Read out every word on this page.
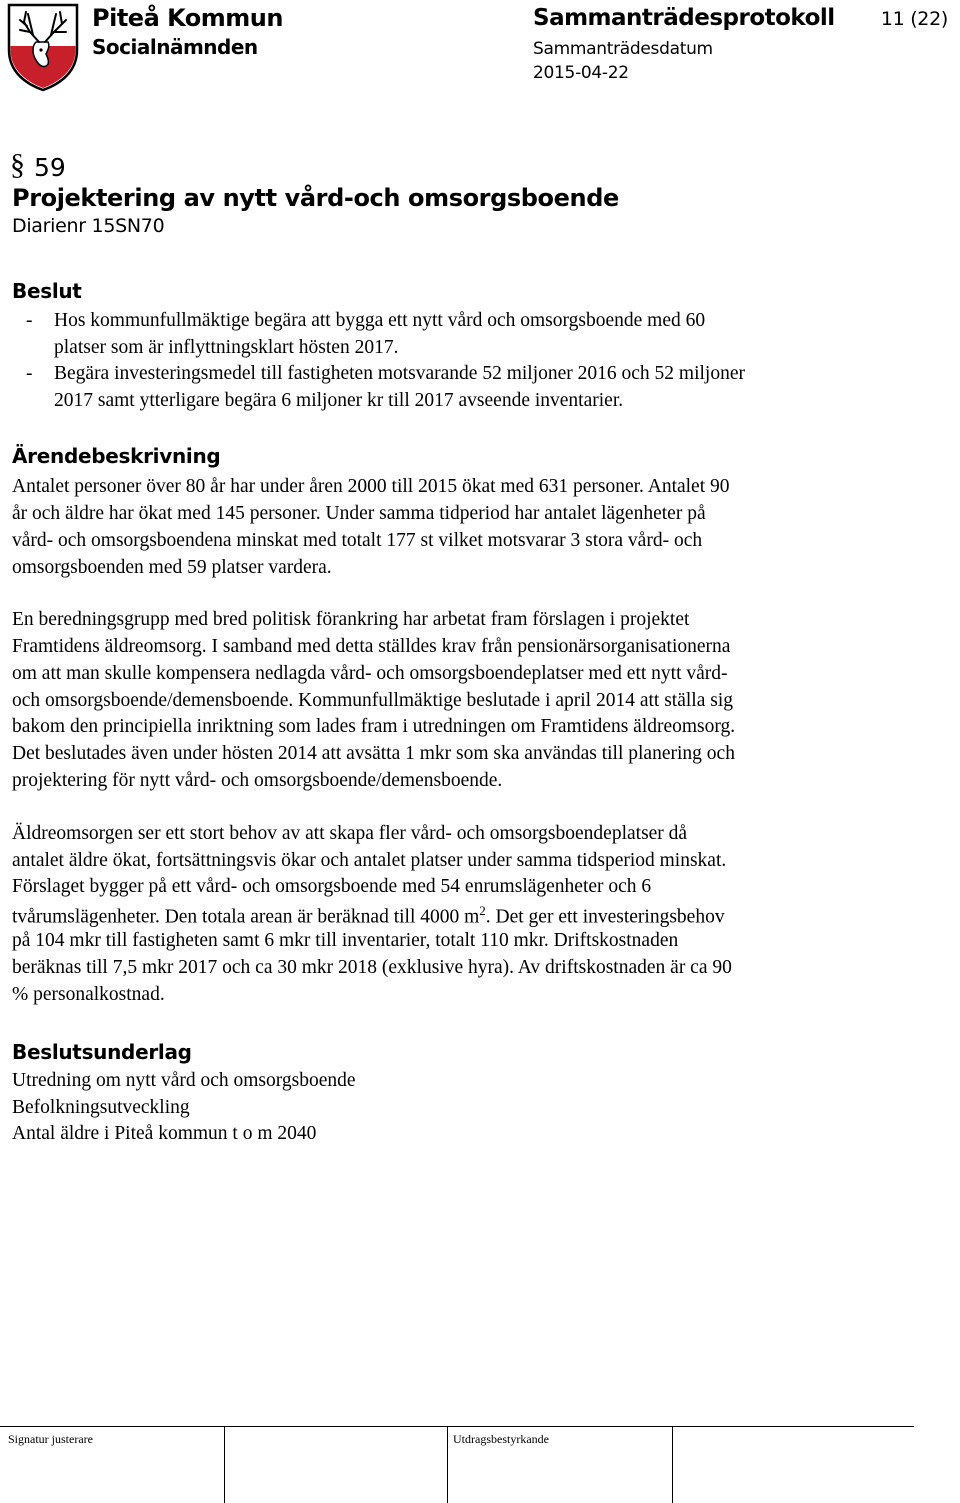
Piteå Kommun
Socialnämnden
Sammanträdesprotokoll
Sammanträdesdatum
2015-04-22
11 (22)
§ 59
Projektering av nytt vård-och omsorgsboende
Diarienr 15SN70
Beslut
- Hos kommunfullmäktige begära att bygga ett nytt vård och omsorgsboende med 60
platser som är inflyttningsklart hösten 2017.
- Begära investeringsmedel till fastigheten motsvarande 52 miljoner 2016 och 52 miljoner
2017 samt ytterligare begära 6 miljoner kr till 2017 avseende inventarier.
Ärendebeskrivning
Antalet personer över 80 år har under åren 2000 till 2015 ökat med 631 personer. Antalet 90
år och äldre har ökat med 145 personer. Under samma tidperiod har antalet lägenheter på
vård- och omsorgsboendena minskat med totalt 177 st vilket motsvarar 3 stora vård- och
omsorgsboenden med 59 platser vardera.
En beredningsgrupp med bred politisk förankring har arbetat fram förslagen i projektet
Framtidens äldreomsorg. I samband med detta ställdes krav från pensionärsorganisationerna
om att man skulle kompensera nedlagda vård- och omsorgsboendeplatser med ett nytt vård-
och omsorgsboende/demensboende. Kommunfullmäktige beslutade i april 2014 att ställa sig
bakom den principiella inriktning som lades fram i utredningen om Framtidens äldreomsorg.
Det beslutades även under hösten 2014 att avsätta 1 mkr som ska användas till planering och
projektering för nytt vård- och omsorgsboende/demensboende.
Äldreomsorgen ser ett stort behov av att skapa fler vård- och omsorgsboendeplatser då
antalet äldre ökat, fortsättningsvis ökar och antalet platser under samma tidsperiod minskat.
Förslaget bygger på ett vård- och omsorgsboende med 54 enrumslägenheter och 6
tvårumslägenheter. Den totala arean är beräknad till 4000 $m^2$. Det ger ett investeringsbehov
på 104 mkr till fastigheten samt 6 mkr till inventarier, totalt 110 mkr. Driftskostnaden
beräknas till 7,5 mkr 2017 och ca 30 mkr 2018 (exklusive hyra). Av driftskostnaden är ca 90
% personalkostnad.
Beslutsunderlag
Utredning om nytt vård och omsorgsboende
Befolkningsutveckling
Antal äldre i Piteå kommun t o m 2040
Signatur justerare	Utdragsbestyrkande
